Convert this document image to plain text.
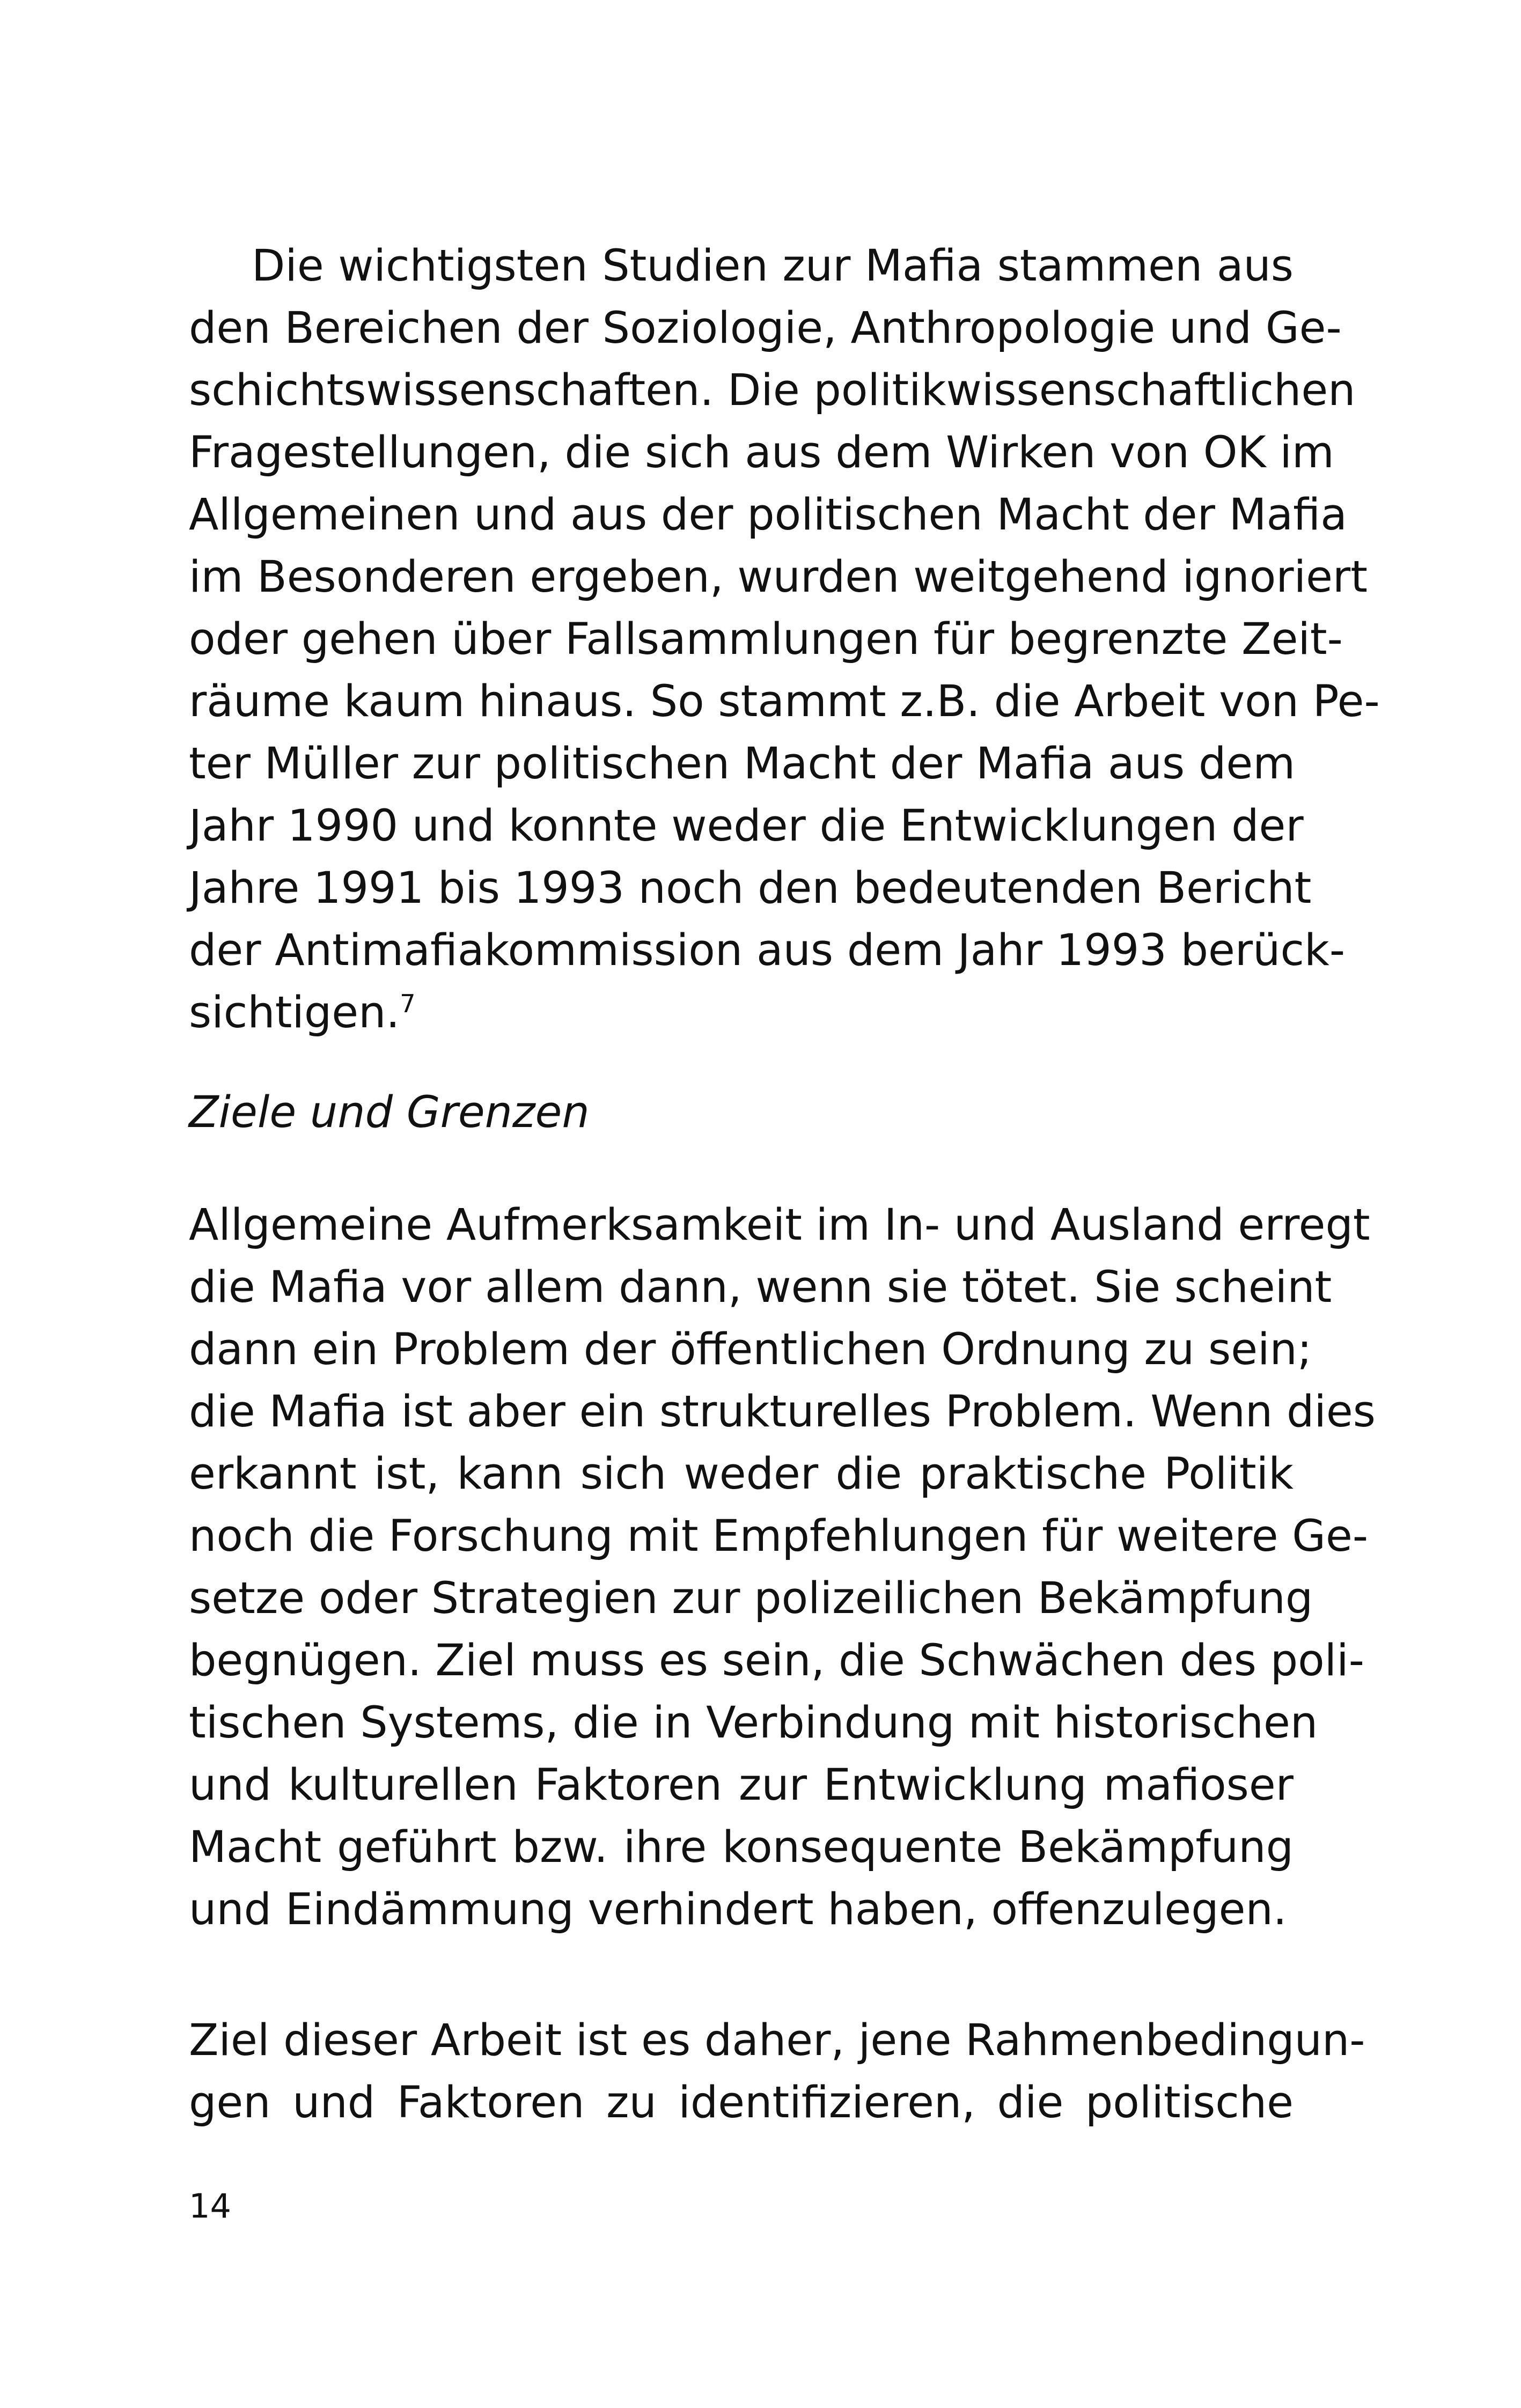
Die wichtigsten Studien zur Mafia stammen aus
den Bereichen der Soziologie, Anthropologie und Ge-
schichtswissenschaften. Die politikwissenschaftlichen
Fragestellungen, die sich aus dem Wirken von OK im
Allgemeinen und aus der politischen Macht der Mafia
im Besonderen ergeben, wurden weitgehend ignoriert
oder gehen über Fallsammlungen für begrenzte Zeit-
räume kaum hinaus. So stammt z.B. die Arbeit von Pe-
ter Müller zur politischen Macht der Mafia aus dem
Jahr 1990 und konnte weder die Entwicklungen der
Jahre 1991 bis 1993 noch den bedeutenden Bericht
der Antimafiakommission aus dem Jahr 1993 berück-
sichtigen.$^7$
Ziele und Grenzen
Allgemeine Aufmerksamkeit im In- und Ausland erregt
die Mafia vor allem dann, wenn sie tötet. Sie scheint
dann ein Problem der öffentlichen Ordnung zu sein;
die Mafia ist aber ein strukturelles Problem. Wenn dies
erkannt ist, kann sich weder die praktische Politik
noch die Forschung mit Empfehlungen für weitere Ge-
setze oder Strategien zur polizeilichen Bekämpfung
begnügen. Ziel muss es sein, die Schwächen des poli-
tischen Systems, die in Verbindung mit historischen
und kulturellen Faktoren zur Entwicklung mafioser
Macht geführt bzw. ihre konsequente Bekämpfung
und Eindämmung verhindert haben, offenzulegen.
Ziel dieser Arbeit ist es daher, jene Rahmenbedingun-
gen und Faktoren zu identifizieren, die politische
14
